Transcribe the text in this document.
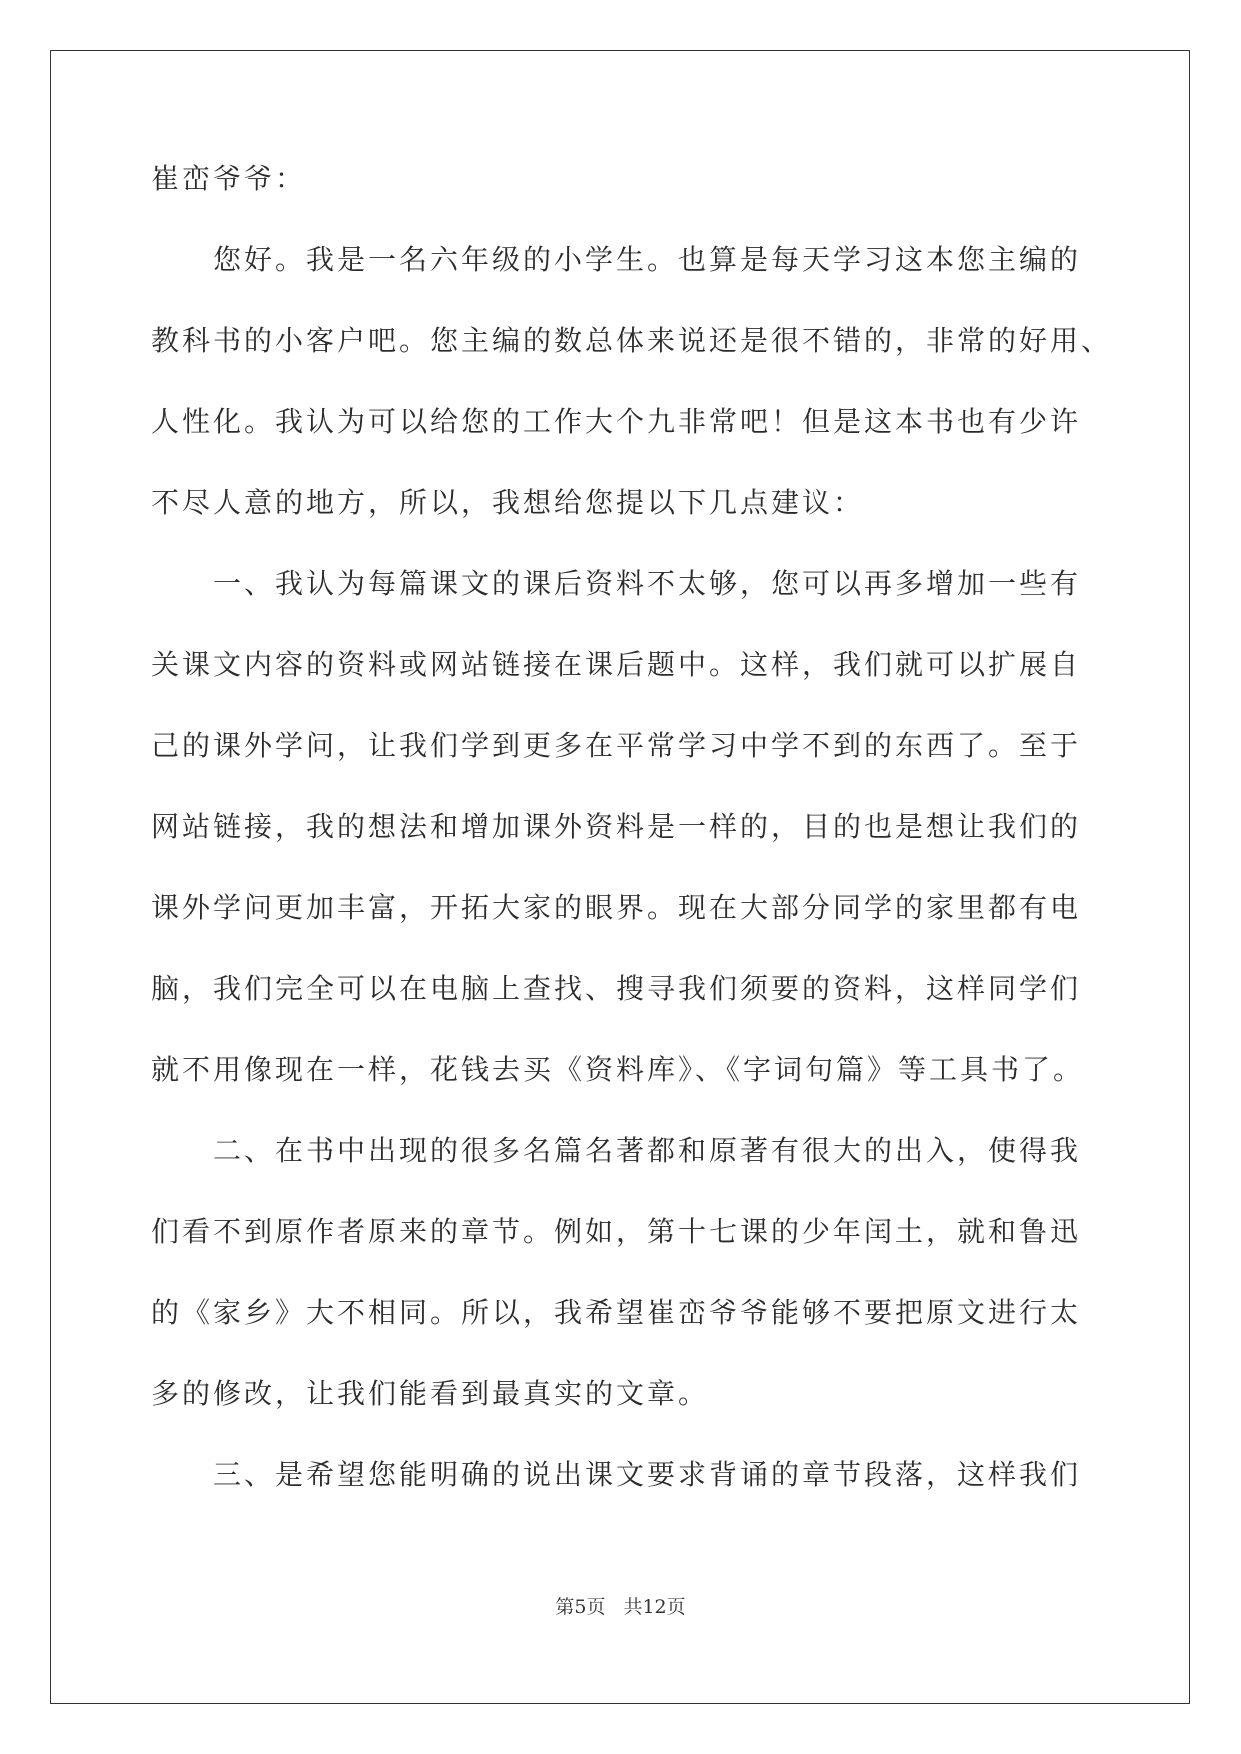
崔峦爷爷：
您好。我是一名六年级的小学生。也算是每天学习这本您主编的
教科书的小客户吧。您主编的数总体来说还是很不错的，非常的好用、
人性化。我认为可以给您的工作大个九非常吧！但是这本书也有少许
不尽人意的地方，所以，我想给您提以下几点建议：
一、我认为每篇课文的课后资料不太够，您可以再多增加一些有
关课文内容的资料或网站链接在课后题中。这样，我们就可以扩展自
己的课外学问，让我们学到更多在平常学习中学不到的东西了。至于
网站链接，我的想法和增加课外资料是一样的，目的也是想让我们的
课外学问更加丰富，开拓大家的眼界。现在大部分同学的家里都有电
脑，我们完全可以在电脑上查找、搜寻我们须要的资料，这样同学们
就不用像现在一样，花钱去买《资料库》、《字词句篇》等工具书了。
二、在书中出现的很多名篇名著都和原著有很大的出入，使得我
们看不到原作者原来的章节。例如，第十七课的少年闰土，就和鲁迅
的《家乡》大不相同。所以，我希望崔峦爷爷能够不要把原文进行太
多的修改，让我们能看到最真实的文章。
三、是希望您能明确的说出课文要求背诵的章节段落，这样我们
第5页 共12页
